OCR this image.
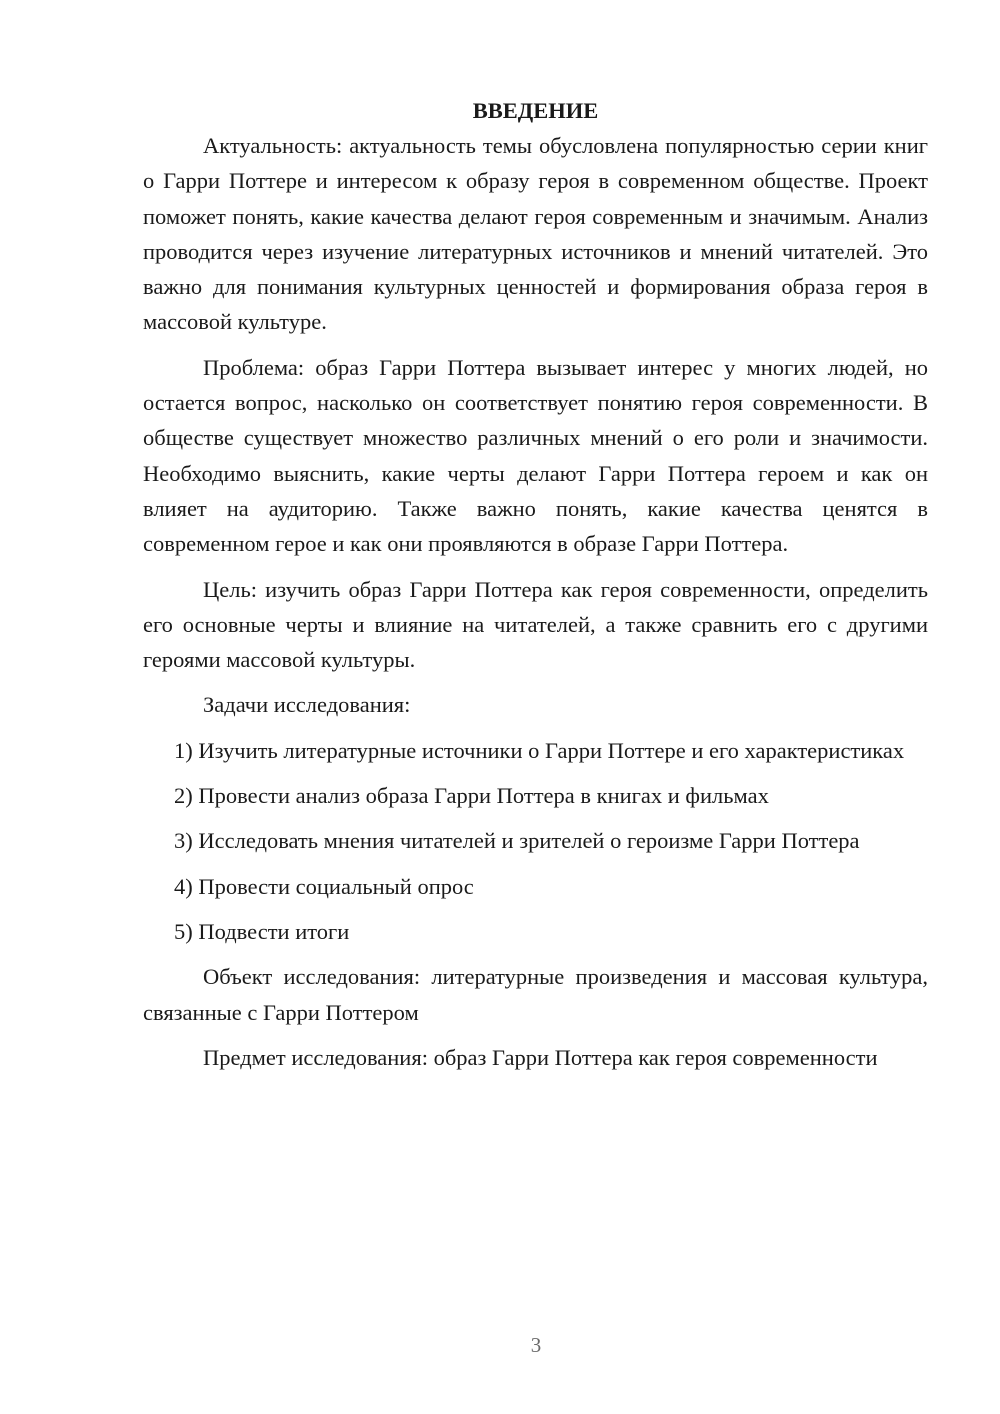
ВВЕДЕНИЕ

Актуальность: актуальность темы обусловлена популярностью серии книг о Гарри Поттере и интересом к образу героя в современном обществе. Проект поможет понять, какие качества делают героя современным и значимым. Анализ проводится через изучение литературных источников и мнений читателей. Это важно для понимания культурных ценностей и формирования образа героя в массовой культуре.

Проблема: образ Гарри Поттера вызывает интерес у многих людей, но остается вопрос, насколько он соответствует понятию героя современности. В обществе существует множество различных мнений о его роли и значимости. Необходимо выяснить, какие черты делают Гарри Поттера героем и как он влияет на аудиторию. Также важно понять, какие качества ценятся в современном герое и как они проявляются в образе Гарри Поттера.

Цель: изучить образ Гарри Поттера как героя современности, определить его основные черты и влияние на читателей, а также сравнить его с другими героями массовой культуры.

Задачи исследования:

1) Изучить литературные источники о Гарри Поттере и его характеристиках

2) Провести анализ образа Гарри Поттера в книгах и фильмах

3) Исследовать мнения читателей и зрителей о героизме Гарри Поттера

4) Провести социальный опрос

5) Подвести итоги

Объект исследования: литературные произведения и массовая культура, связанные с Гарри Поттером

Предмет исследования: образ Гарри Поттера как героя современности

3
